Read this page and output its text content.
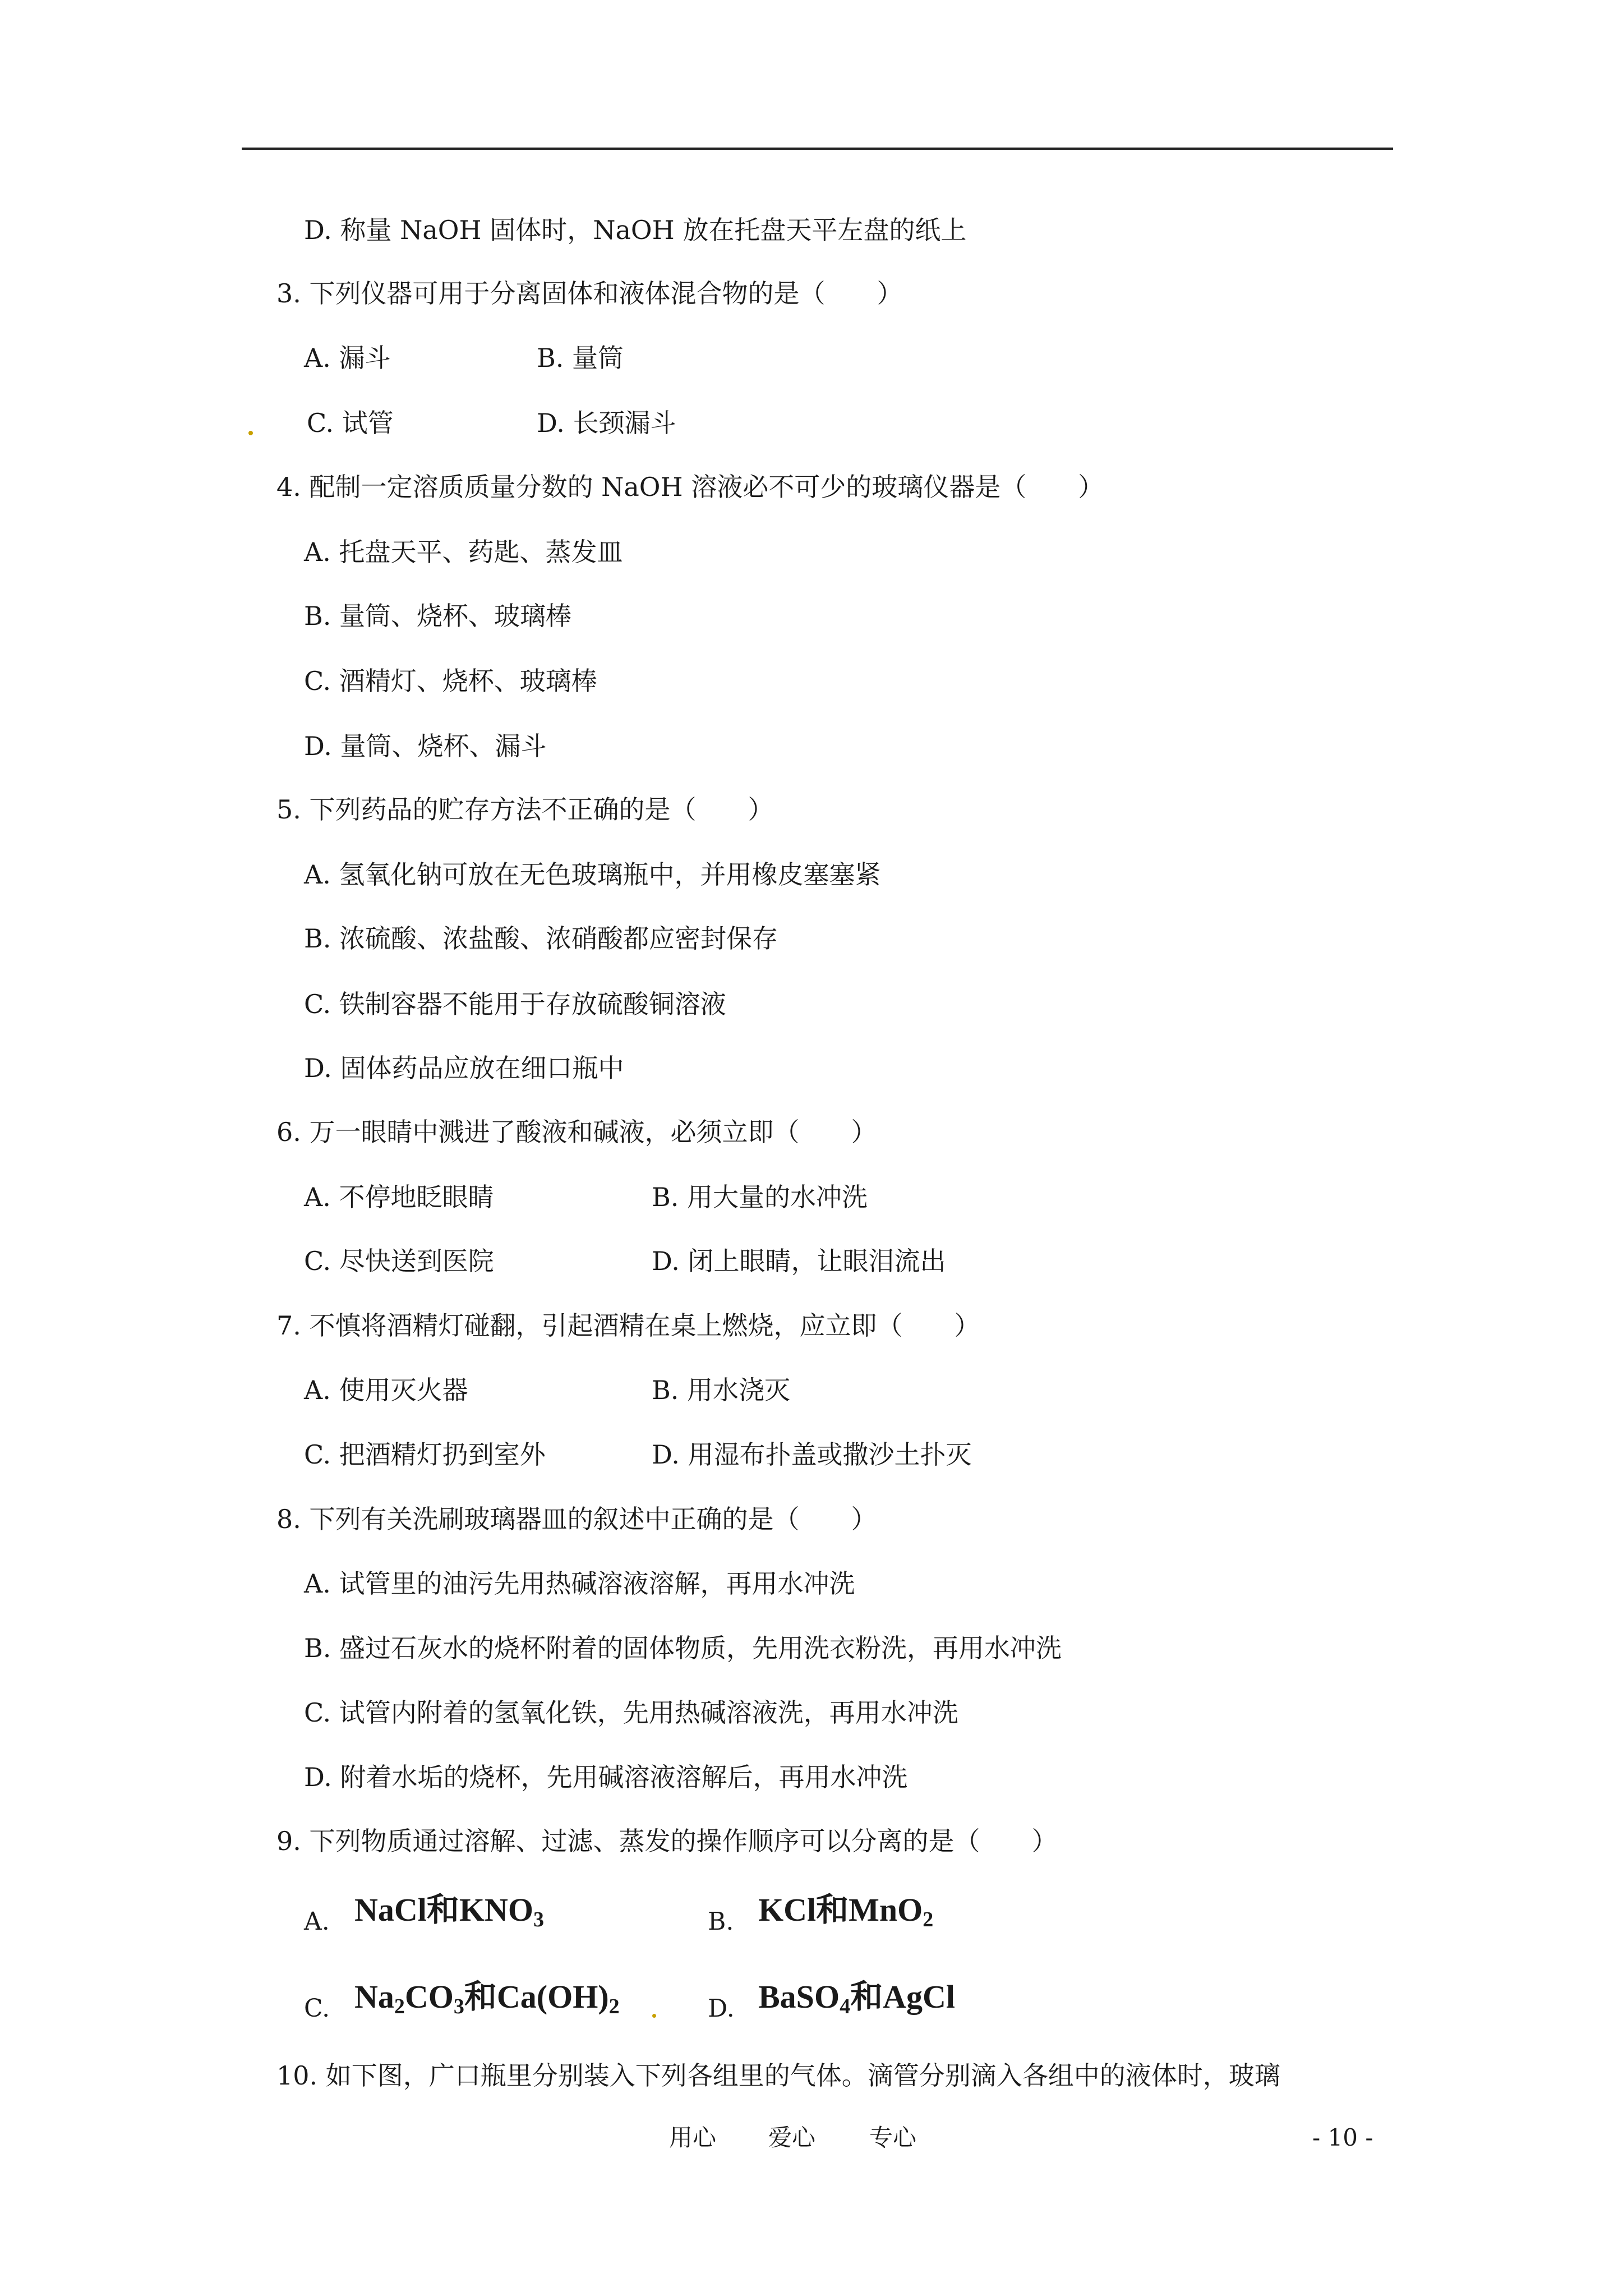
D. 称量 NaOH 固体时，NaOH 放在托盘天平左盘的纸上
3. 下列仪器可用于分离固体和液体混合物的是（　　）
A. 漏斗	B. 量筒
C. 试管	D. 长颈漏斗
4. 配制一定溶质质量分数的 NaOH 溶液必不可少的玻璃仪器是（　　）
A. 托盘天平、药匙、蒸发皿
B. 量筒、烧杯、玻璃棒
C. 酒精灯、烧杯、玻璃棒
D. 量筒、烧杯、漏斗
5. 下列药品的贮存方法不正确的是（　　）
A. 氢氧化钠可放在无色玻璃瓶中，并用橡皮塞塞紧
B. 浓硫酸、浓盐酸、浓硝酸都应密封保存
C. 铁制容器不能用于存放硫酸铜溶液
D. 固体药品应放在细口瓶中
6. 万一眼睛中溅进了酸液和碱液，必须立即（　　）
A. 不停地眨眼睛	B. 用大量的水冲洗
C. 尽快送到医院	D. 闭上眼睛，让眼泪流出
7. 不慎将酒精灯碰翻，引起酒精在桌上燃烧，应立即（　　）
A. 使用灭火器	B. 用水浇灭
C. 把酒精灯扔到室外	D. 用湿布扑盖或撒沙土扑灭
8. 下列有关洗刷玻璃器皿的叙述中正确的是（　　）
A. 试管里的油污先用热碱溶液溶解，再用水冲洗
B. 盛过石灰水的烧杯附着的固体物质，先用洗衣粉洗，再用水冲洗
C. 试管内附着的氢氧化铁，先用热碱溶液洗，再用水冲洗
D. 附着水垢的烧杯，先用碱溶液溶解后，再用水冲洗
9. 下列物质通过溶解、过滤、蒸发的操作顺序可以分离的是（　　）
A. NaCl和$KNO_3$	B. KCl和MnO$_2$
C. $Na_2CO_3$和$Ca(OH)_2$	D. BaSO$_4$和AgCl
10. 如下图，广口瓶里分别装入下列各组里的气体。滴管分别滴入各组中的液体时，玻璃
用心 爱心 专心	- 10 -
